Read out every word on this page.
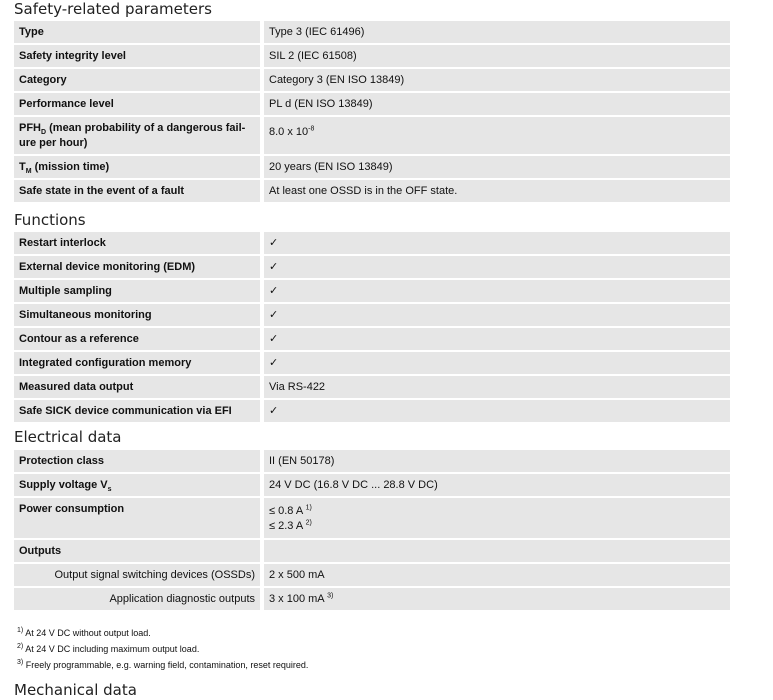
Safety-related parameters
Type	Type 3 (IEC 61496)
Safety integrity level	SIL 2 (IEC 61508)
Category	Category 3 (EN ISO 13849)
Performance level	PL d (EN ISO 13849)
$PFH_D$ (mean probability of a dangerous fail-
ure per hour)	8.0 x $10^{-8}$
$T_M$ (mission time)	20 years (EN ISO 13849)
Safe state in the event of a fault	At least one OSSD is in the OFF state.
Functions
Restart interlock	✓
External device monitoring (EDM)	✓
Multiple sampling	✓
Simultaneous monitoring	✓
Contour as a reference	✓
Integrated configuration memory	✓
Measured data output	Via RS-422
Safe SICK device communication via EFI	✓
Electrical data
Protection class	II (EN 50178)
Supply voltage $V_s$	24 V DC (16.8 V DC ... 28.8 V DC)
Power consumption	≤ 0.8 A $^{1)}$
≤ 2.3 A $^{2)}$
Outputs	
Output signal switching devices (OSSDs)	2 x 500 mA
Application diagnostic outputs	3 x 100 mA $^{3)}$
$^{1)}$ At 24 V DC without output load.
$^{2)}$ At 24 V DC including maximum output load.
$^{3)}$ Freely programmable, e.g. warning field, contamination, reset required.
Mechanical data
